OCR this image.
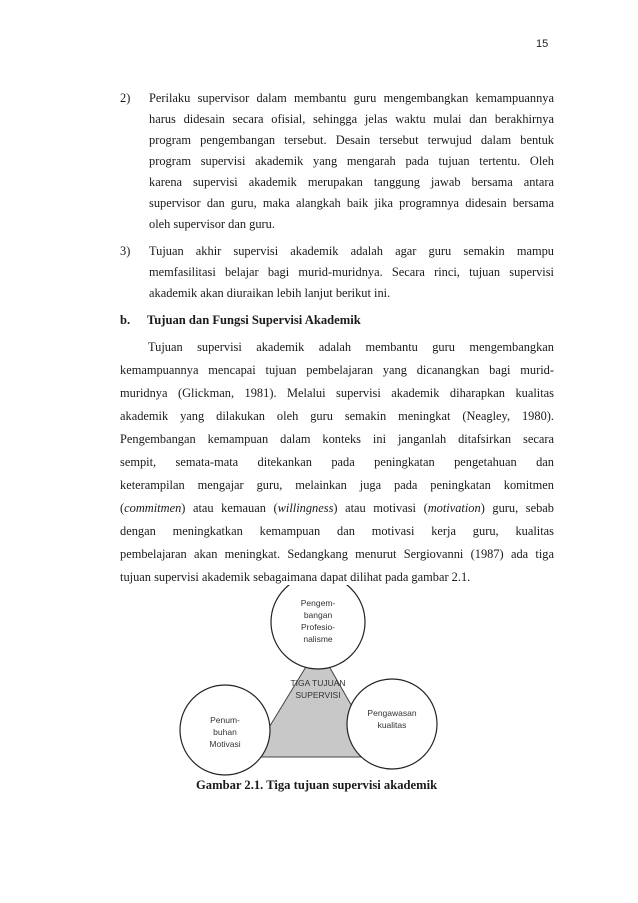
15
2) Perilaku supervisor dalam membantu guru mengembangkan kemampuannya
harus didesain secara ofisial, sehingga jelas waktu mulai dan berakhirnya
program pengembangan tersebut. Desain tersebut terwujud dalam bentuk
program supervisi akademik yang mengarah pada tujuan tertentu. Oleh
karena supervisi akademik merupakan tanggung jawab bersama antara
supervisor dan guru, maka alangkah baik jika programnya didesain bersama
oleh supervisor dan guru.
3) Tujuan akhir supervisi akademik adalah agar guru semakin mampu
memfasilitasi belajar bagi murid-muridnya. Secara rinci, tujuan supervisi
akademik akan diuraikan lebih lanjut berikut ini.
b. Tujuan dan Fungsi Supervisi Akademik
Tujuan supervisi akademik adalah membantu guru mengembangkan
kemampuannya mencapai tujuan pembelajaran yang dicanangkan bagi murid-
muridnya (Glickman, 1981). Melalui supervisi akademik diharapkan kualitas
akademik yang dilakukan oleh guru semakin meningkat (Neagley, 1980).
Pengembangan kemampuan dalam konteks ini janganlah ditafsirkan secara
sempit, semata-mata ditekankan pada peningkatan pengetahuan dan
keterampilan mengajar guru, melainkan juga pada peningkatan komitmen
(commitmen) atau kemauan (willingness) atau motivasi (motivation) guru, sebab
dengan meningkatkan kemampuan dan motivasi kerja guru, kualitas
pembelajaran akan meningkat. Sedangkang menurut Sergiovanni (1987) ada tiga
tujuan supervisi akademik sebagaimana dapat dilihat pada gambar 2.1.
Pengem-
bangan
Profesio-
nalisme
TIGA TUJUAN
SUPERVISI
Penum-
buhan
Motivasi
Pengawasan
kualitas
Gambar 2.1. Tiga tujuan supervisi akademik
